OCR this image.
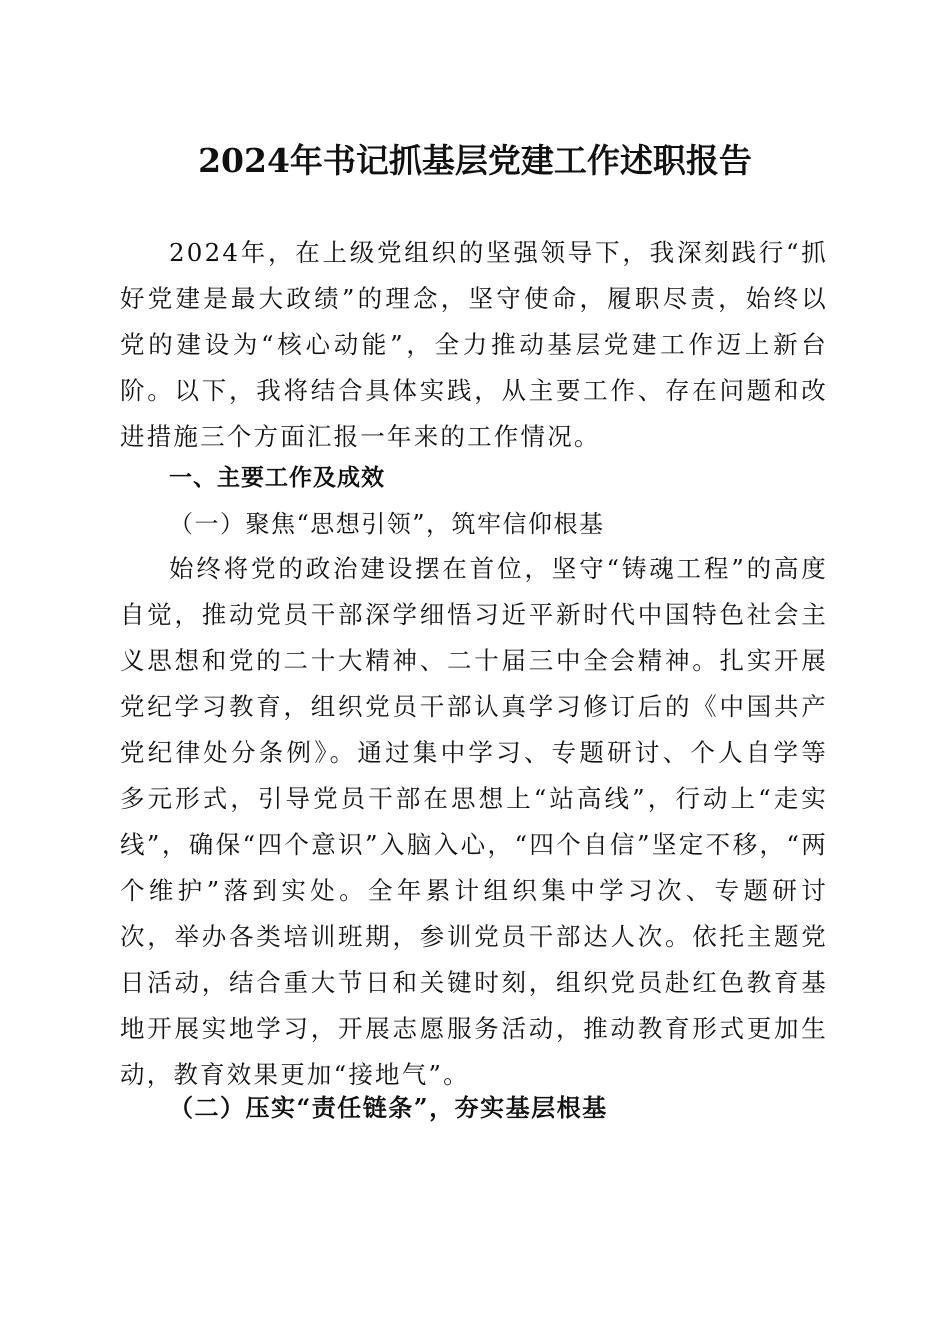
2024年书记抓基层党建工作述职报告

2024年，在上级党组织的坚强领导下，我深刻践行“抓好党建是最大政绩”的理念，坚守使命，履职尽责，始终以党的建设为“核心动能”，全力推动基层党建工作迈上新台阶。以下，我将结合具体实践，从主要工作、存在问题和改进措施三个方面汇报一年来的工作情况。

一、主要工作及成效
（一）聚焦“思想引领”，筑牢信仰根基

始终将党的政治建设摆在首位，坚守“铸魂工程”的高度自觉，推动党员干部深学细悟习近平新时代中国特色社会主义思想和党的二十大精神、二十届三中全会精神。扎实开展党纪学习教育，组织党员干部认真学习修订后的《中国共产党纪律处分条例》。通过集中学习、专题研讨、个人自学等多元形式，引导党员干部在思想上“站高线”，行动上“走实线”，确保“四个意识”入脑入心，“四个自信”坚定不移，“两个维护”落到实处。全年累计组织集中学习次、专题研讨次，举办各类培训班期，参训党员干部达人次。依托主题党日活动，结合重大节日和关键时刻，组织党员赴红色教育基地开展实地学习，开展志愿服务活动，推动教育形式更加生动，教育效果更加“接地气”。

（二）压实“责任链条”，夯实基层根基
